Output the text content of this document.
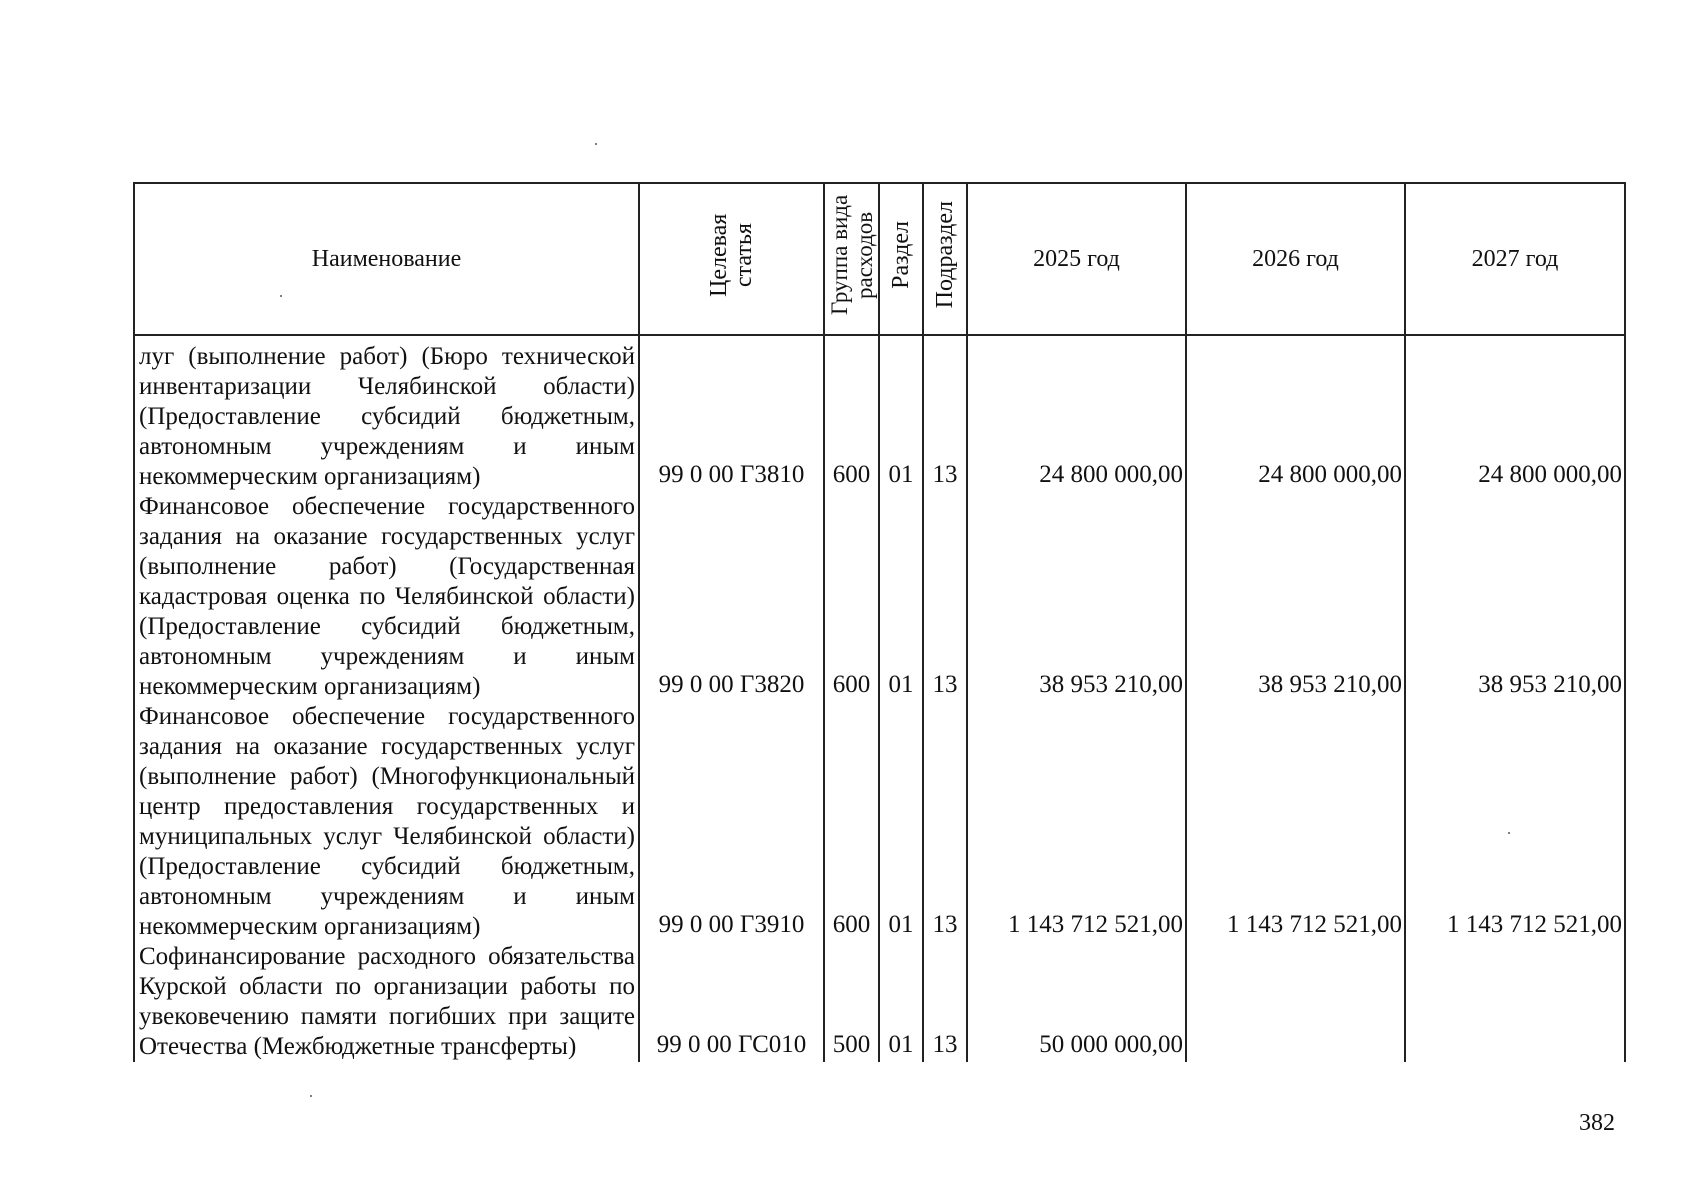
Наименование	Целевая статья	Группа вида расходов	Раздел	Подраздел	2025 год	2026 год	2027 год
луг (выполнение работ) (Бюро технической инвентаризации Челябинской области) (Предоставление субсидий бюджетным, автономным учреждениям и иным некоммерческим организациям)	99 0 00 Г3810	600	01	13	24 800 000,00	24 800 000,00	24 800 000,00
Финансовое обеспечение государственного задания на оказание государственных услуг (выполнение работ) (Государственная кадастровая оценка по Челябинской области) (Предоставление субсидий бюджетным, автономным учреждениям и иным некоммерческим организациям)	99 0 00 Г3820	600	01	13	38 953 210,00	38 953 210,00	38 953 210,00
Финансовое обеспечение государственного задания на оказание государственных услуг (выполнение работ) (Многофункциональный центр предоставления государственных и муниципальных услуг Челябинской области) (Предоставление субсидий бюджетным, автономным учреждениям и иным некоммерческим организациям)	99 0 00 Г3910	600	01	13	1 143 712 521,00	1 143 712 521,00	1 143 712 521,00
Софинансирование расходного обязательства Курской области по организации работы по увековечению памяти погибших при защите Отечества (Межбюджетные трансферты)	99 0 00 ГС010	500	01	13	50 000 000,00		
382
